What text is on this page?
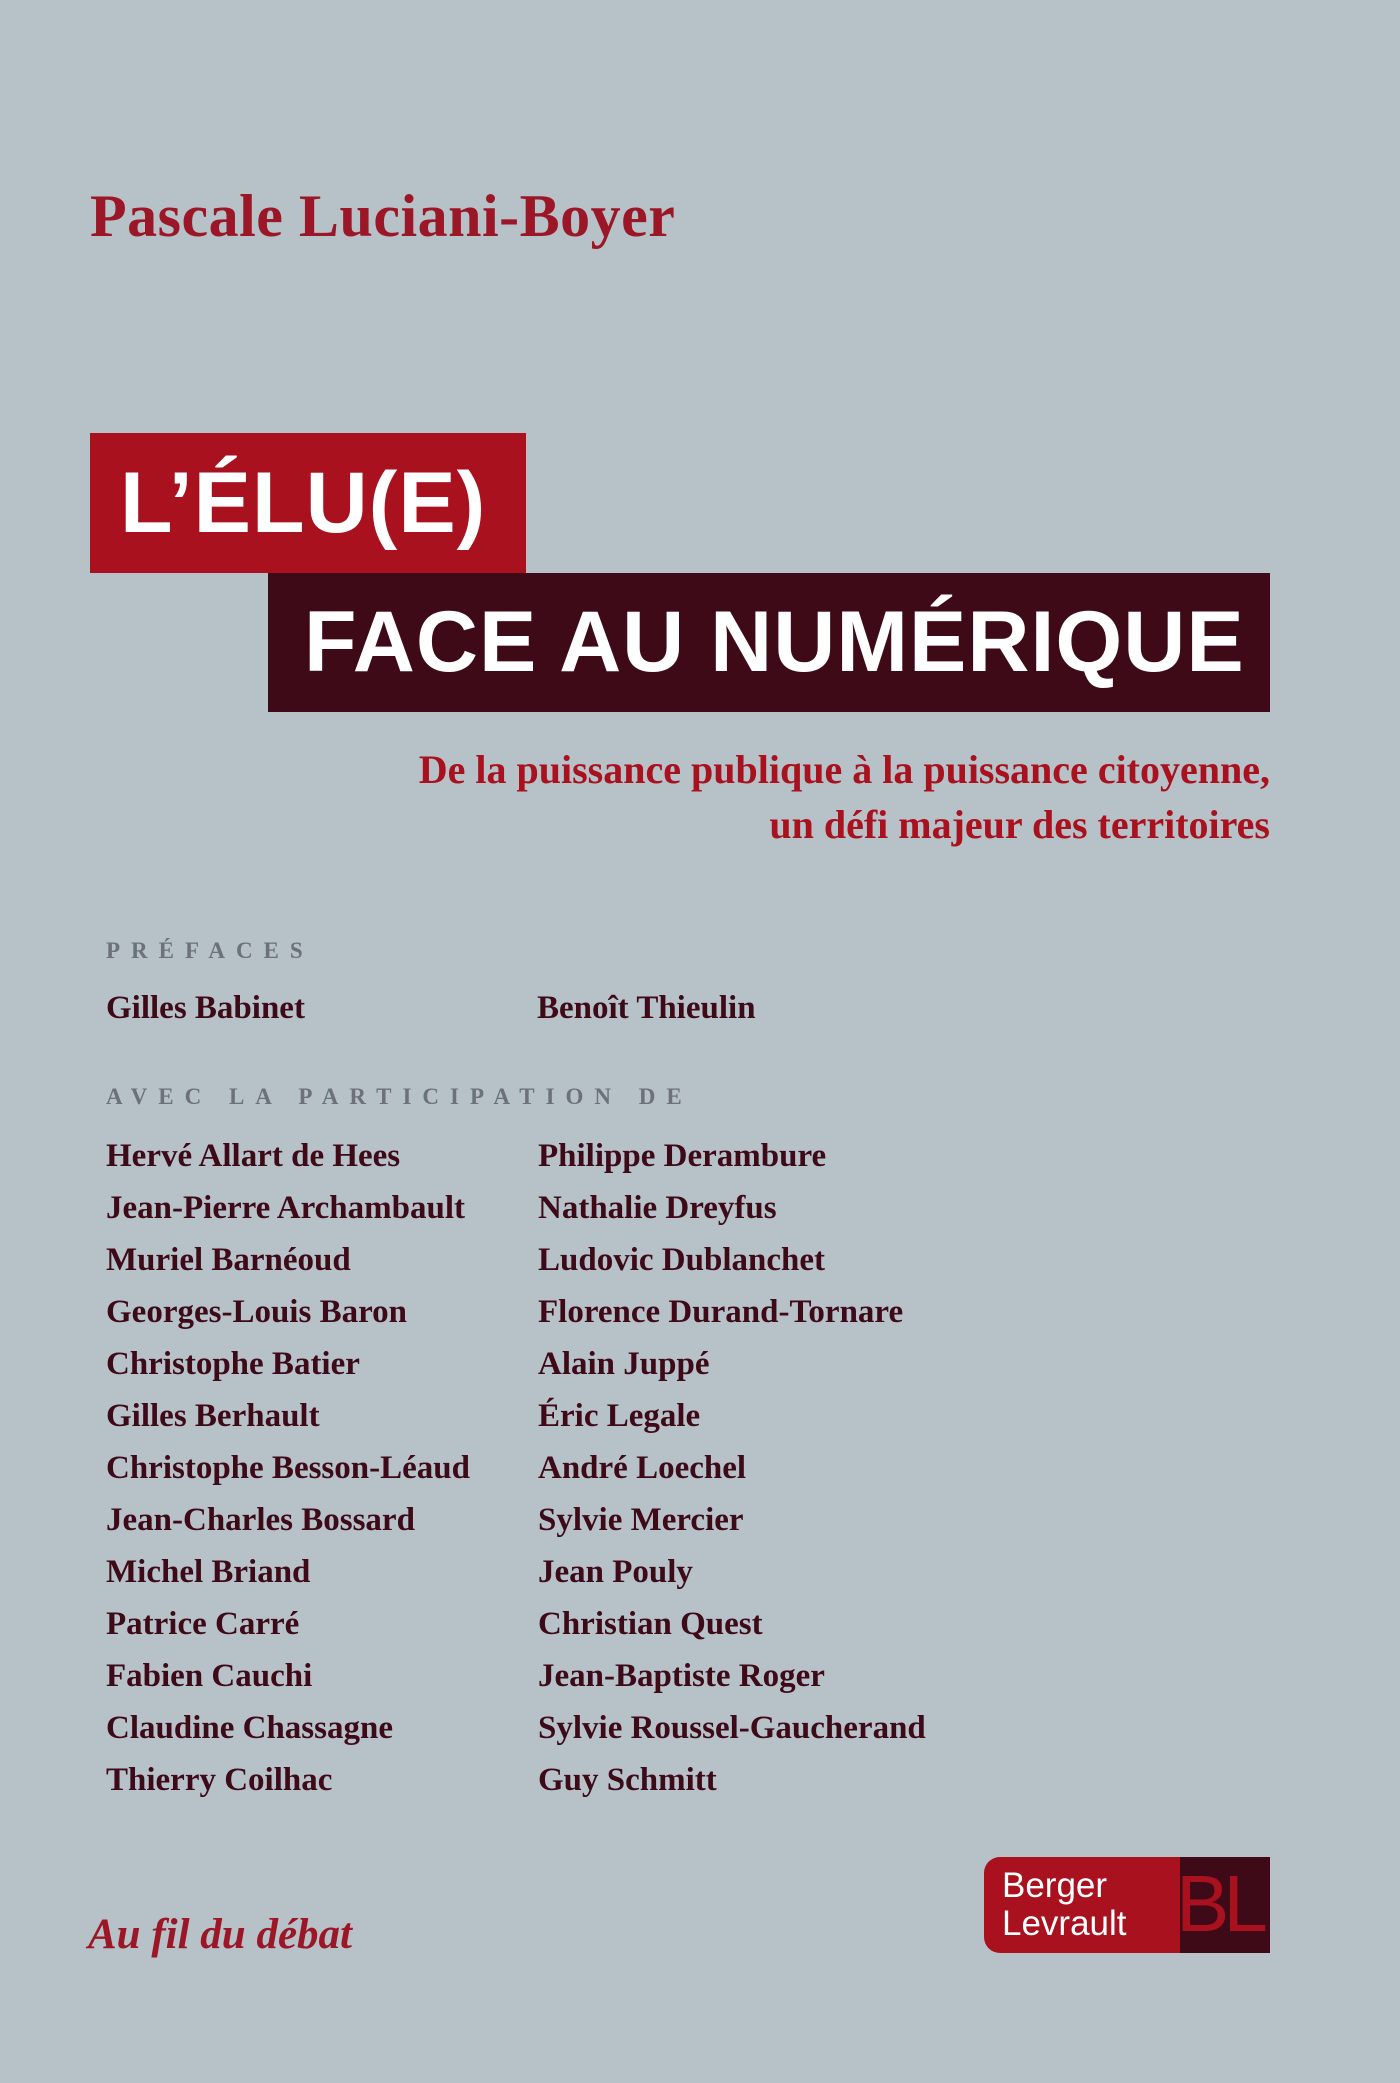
Pascale Luciani-Boyer
L’ÉLU(E)
FACE AU NUMÉRIQUE
De la puissance publique à la puissance citoyenne,
un défi majeur des territoires
PRÉFACES
Gilles Babinet	Benoît Thieulin
AVEC LA PARTICIPATION DE
Hervé Allart de Hees
Jean-Pierre Archambault
Muriel Barnéoud
Georges-Louis Baron
Christophe Batier
Gilles Berhault
Christophe Besson-Léaud
Jean-Charles Bossard
Michel Briand
Patrice Carré
Fabien Cauchi
Claudine Chassagne
Thierry Coilhac
Philippe Derambure
Nathalie Dreyfus
Ludovic Dublanchet
Florence Durand-Tornare
Alain Juppé
Éric Legale
André Loechel
Sylvie Mercier
Jean Pouly
Christian Quest
Jean-Baptiste Roger
Sylvie Roussel-Gaucherand
Guy Schmitt
Au fil du débat	BL
Berger
Levrault
